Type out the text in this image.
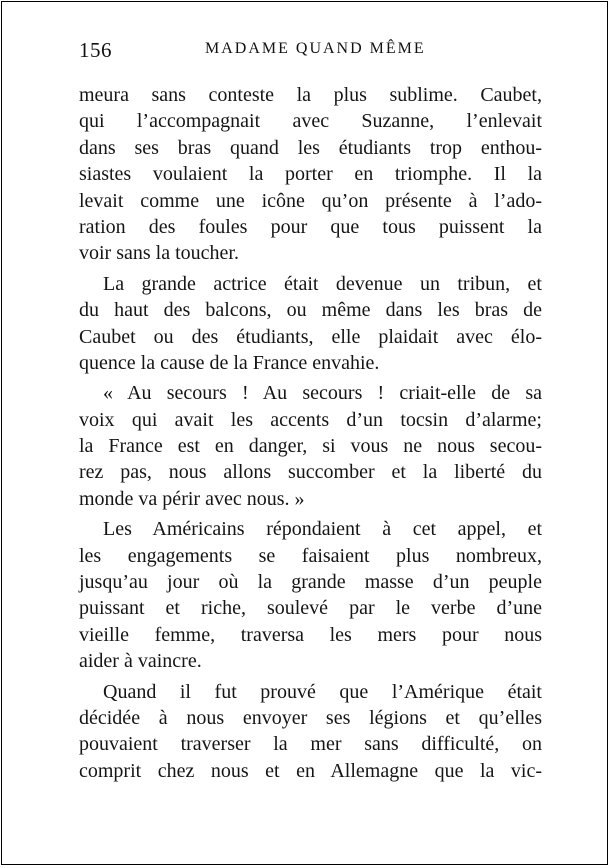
156	MADAME QUAND MÊME
meura sans conteste la plus sublime. Caubet,
qui l’accompagnait avec Suzanne, l’enlevait
dans ses bras quand les étudiants trop enthou-
siastes voulaient la porter en triomphe. Il la
levait comme une icône qu’on présente à l’ado-
ration des foules pour que tous puissent la
voir sans la toucher.
La grande actrice était devenue un tribun, et
du haut des balcons, ou même dans les bras de
Caubet ou des étudiants, elle plaidait avec élo-
quence la cause de la France envahie.
« Au secours ! Au secours ! criait-elle de sa
voix qui avait les accents d’un tocsin d’alarme;
la France est en danger, si vous ne nous secou-
rez pas, nous allons succomber et la liberté du
monde va périr avec nous. »
Les Américains répondaient à cet appel, et
les engagements se faisaient plus nombreux,
jusqu’au jour où la grande masse d’un peuple
puissant et riche, soulevé par le verbe d’une
vieille femme, traversa les mers pour nous
aider à vaincre.
Quand il fut prouvé que l’Amérique était
décidée à nous envoyer ses légions et qu’elles
pouvaient traverser la mer sans difficulté, on
comprit chez nous et en Allemagne que la vic-
